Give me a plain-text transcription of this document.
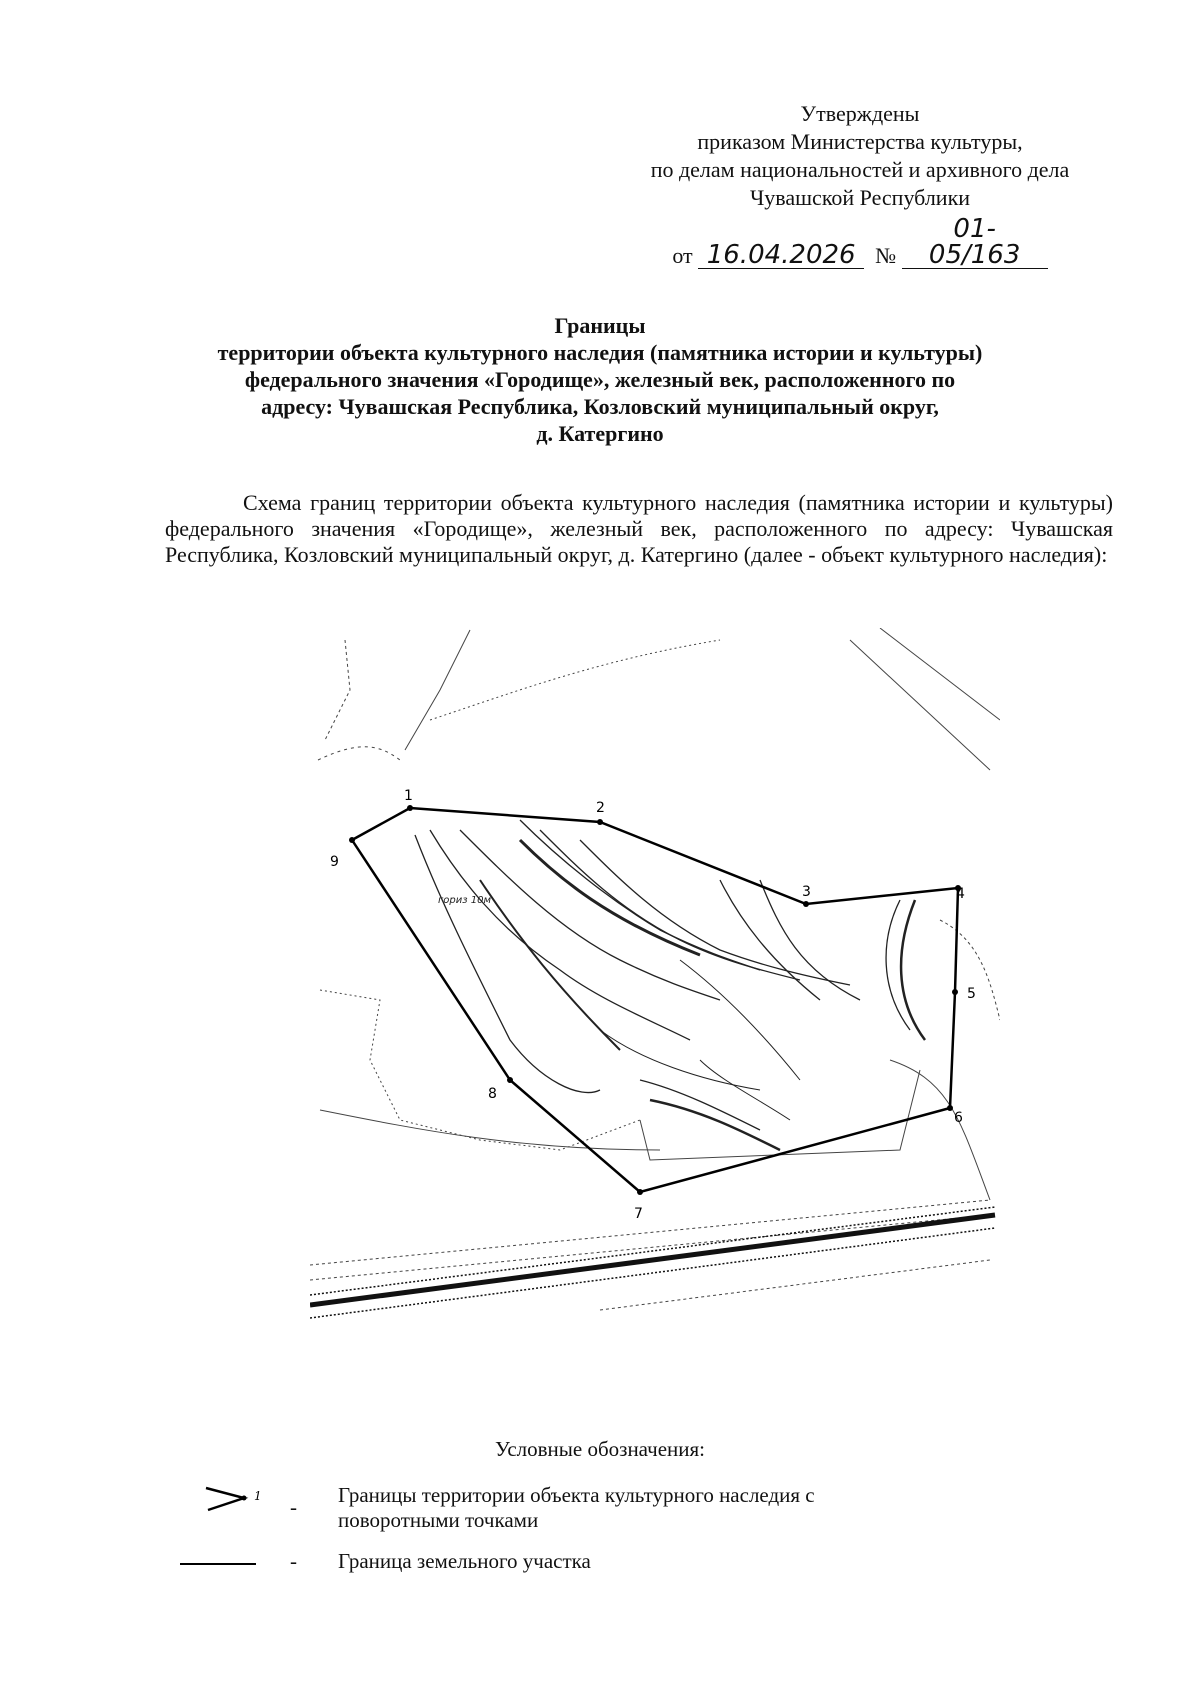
Утверждены
приказом Министерства культуры,
по делам национальностей и архивного дела
Чувашской Республики
от 16.04.2026 № 01-05/163
Границы
территории объекта культурного наследия (памятника истории и культуры)
федерального значения «Городище», железный век, расположенного по
адресу: Чувашская Республика, Козловский муниципальный округ,
д. Катергино
Схема границ территории объекта культурного наследия (памятника истории и культуры) федерального значения «Городище», железный век, расположенного по адресу: Чувашская Республика, Козловский муниципальный округ, д. Катергино (далее - объект культурного наследия):
гориз 10м
1
2
3	4
5
6
7
8
9
Условные обозначения:
1 - Границы территории объекта культурного наследия с поворотными точками
- Граница земельного участка
